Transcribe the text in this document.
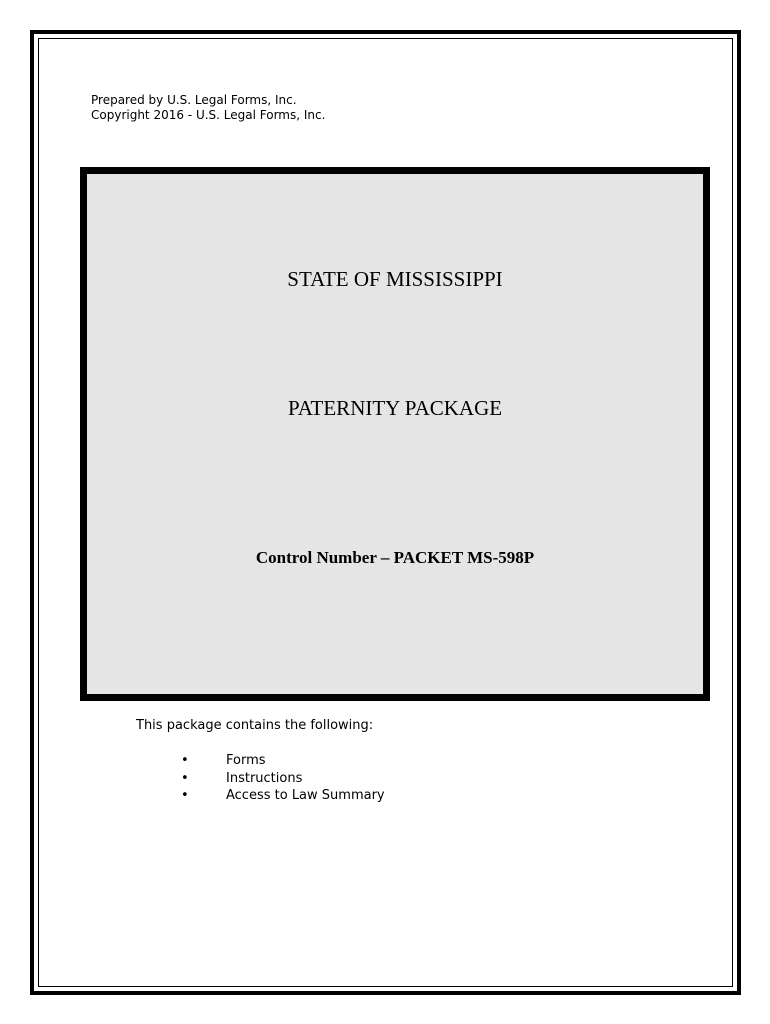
Prepared by U.S. Legal Forms, Inc.
Copyright 2016 - U.S. Legal Forms, Inc.
STATE OF MISSISSIPPI
PATERNITY PACKAGE
Control Number – PACKET MS-598P
This package contains the following:
•	Forms
•	Instructions
•	Access to Law Summary
